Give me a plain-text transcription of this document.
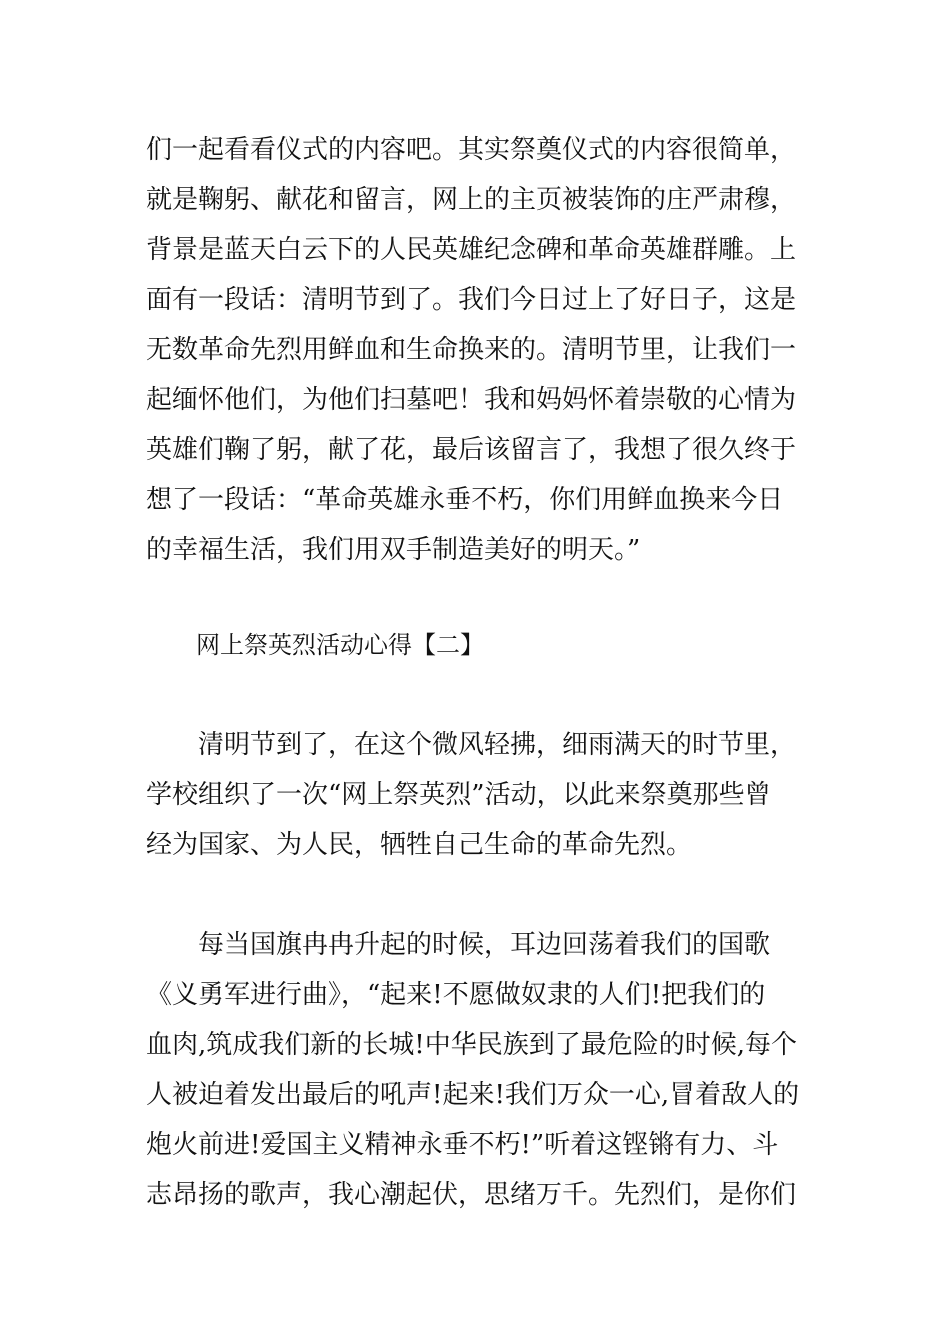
们一起看看仪式的内容吧。其实祭奠仪式的内容很简单，
就是鞠躬、献花和留言，网上的主页被装饰的庄严肃穆，
背景是蓝天白云下的人民英雄纪念碑和革命英雄群雕。上
面有一段话：清明节到了。我们今日过上了好日子，这是
无数革命先烈用鲜血和生命换来的。清明节里，让我们一
起缅怀他们，为他们扫墓吧！我和妈妈怀着崇敬的心情为
英雄们鞠了躬，献了花，最后该留言了，我想了很久终于
想了一段话：“革命英雄永垂不朽，你们用鲜血换来今日
的幸福生活，我们用双手制造美好的明天。”
网上祭英烈活动心得【二】
清明节到了，在这个微风轻拂，细雨满天的时节里，
学校组织了一次“网上祭英烈”活动，以此来祭奠那些曾
经为国家、为人民，牺牲自己生命的革命先烈。
每当国旗冉冉升起的时候，耳边回荡着我们的国歌
《义勇军进行曲》，“起来!不愿做奴隶的人们!把我们的
血肉,筑成我们新的长城!中华民族到了最危险的时候,每个
人被迫着发出最后的吼声!起来!我们万众一心,冒着敌人的
炮火前进!爱国主义精神永垂不朽!”听着这铿锵有力、斗
志昂扬的歌声，我心潮起伏，思绪万千。先烈们，是你们
